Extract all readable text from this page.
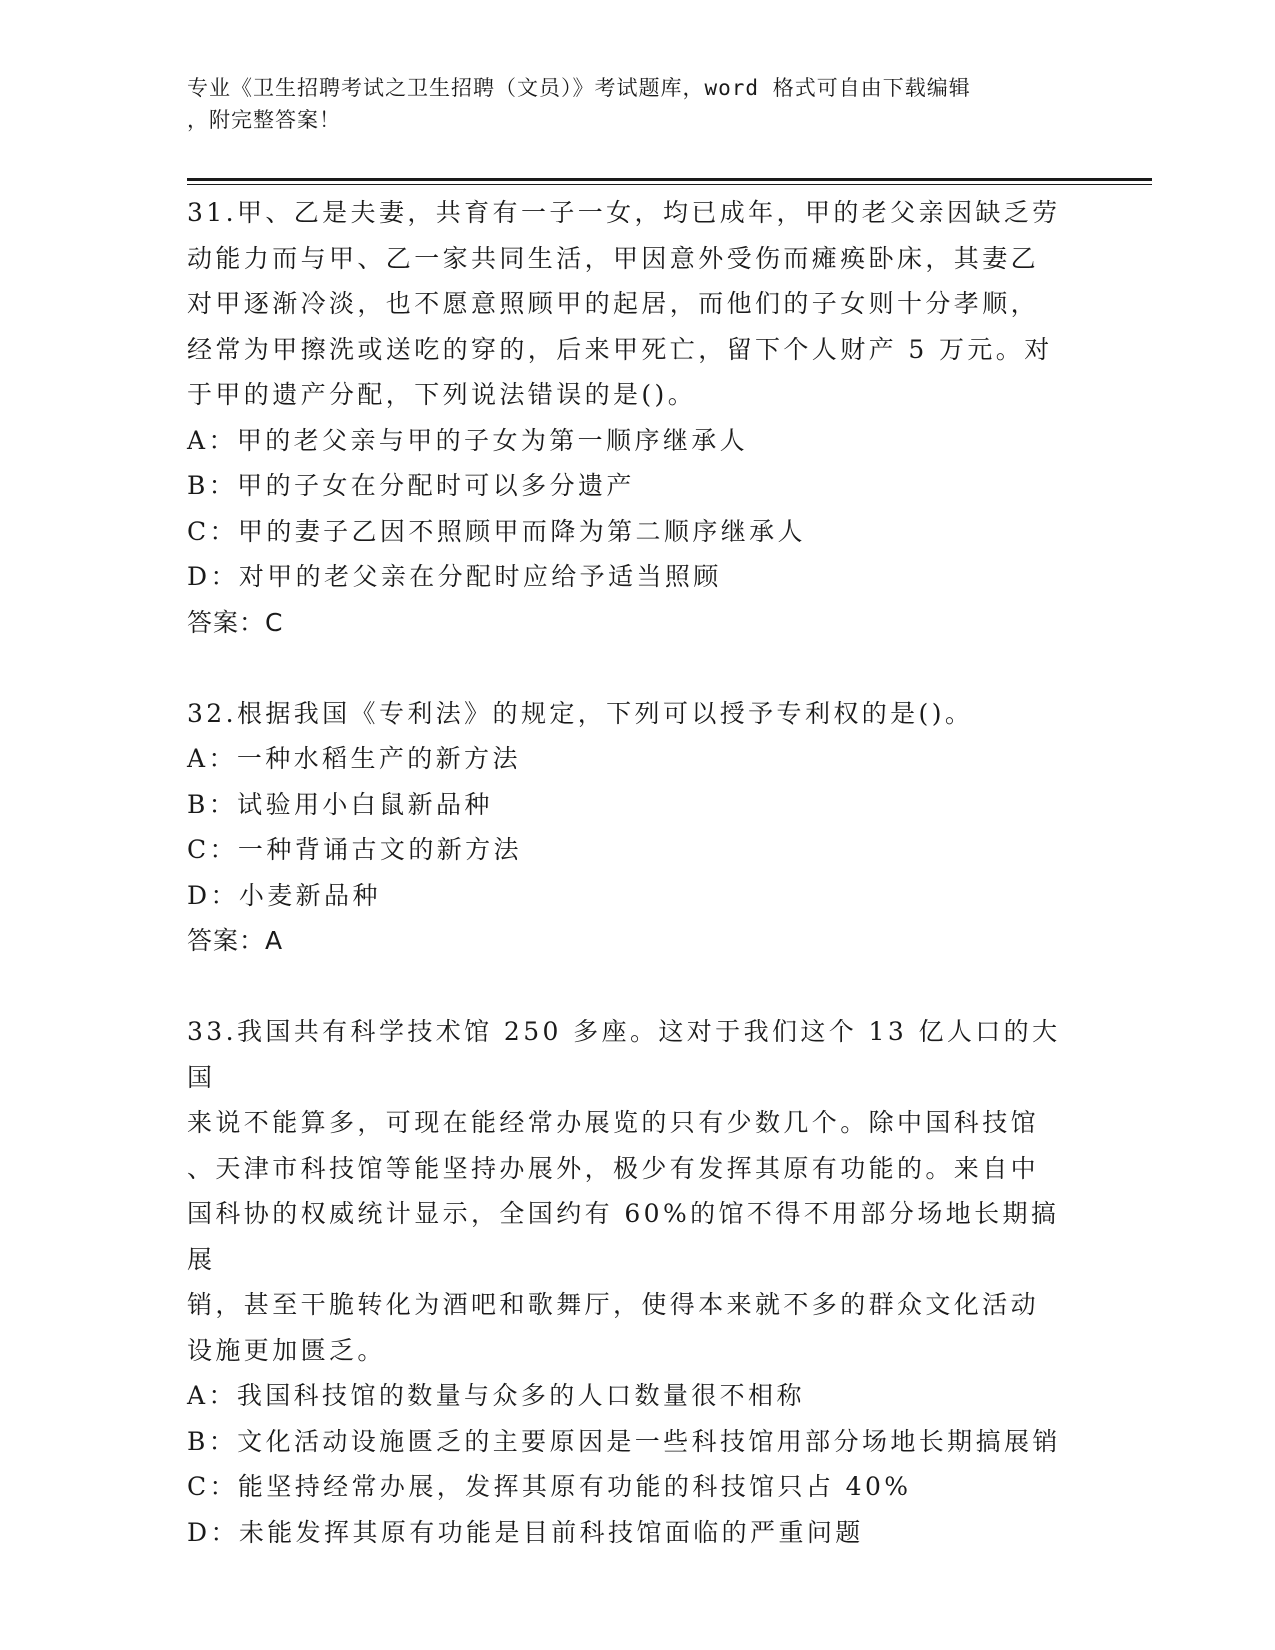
专业《卫生招聘考试之卫生招聘（文员）》考试题库，word 格式可自由下载编辑
，附完整答案！

31.甲、乙是夫妻，共育有一子一女，均已成年，甲的老父亲因缺乏劳

动能力而与甲、乙一家共同生活，甲因意外受伤而瘫痪卧床，其妻乙

对甲逐渐冷淡，也不愿意照顾甲的起居，而他们的子女则十分孝顺，

经常为甲擦洗或送吃的穿的，后来甲死亡，留下个人财产 5 万元。对

于甲的遗产分配，下列说法错误的是()。

A：甲的老父亲与甲的子女为第一顺序继承人

B：甲的子女在分配时可以多分遗产

C：甲的妻子乙因不照顾甲而降为第二顺序继承人

D：对甲的老父亲在分配时应给予适当照顾

答案：C

32.根据我国《专利法》的规定，下列可以授予专利权的是()。

A：一种水稻生产的新方法

B：试验用小白鼠新品种

C：一种背诵古文的新方法

D：小麦新品种

答案：A

33.我国共有科学技术馆 250 多座。这对于我们这个 13 亿人口的大国

来说不能算多，可现在能经常办展览的只有少数几个。除中国科技馆

、天津市科技馆等能坚持办展外，极少有发挥其原有功能的。来自中

国科协的权威统计显示，全国约有 60%的馆不得不用部分场地长期搞展

销，甚至干脆转化为酒吧和歌舞厅，使得本来就不多的群众文化活动

设施更加匮乏。

A：我国科技馆的数量与众多的人口数量很不相称

B：文化活动设施匮乏的主要原因是一些科技馆用部分场地长期搞展销

C：能坚持经常办展，发挥其原有功能的科技馆只占 40%

D：未能发挥其原有功能是目前科技馆面临的严重问题
